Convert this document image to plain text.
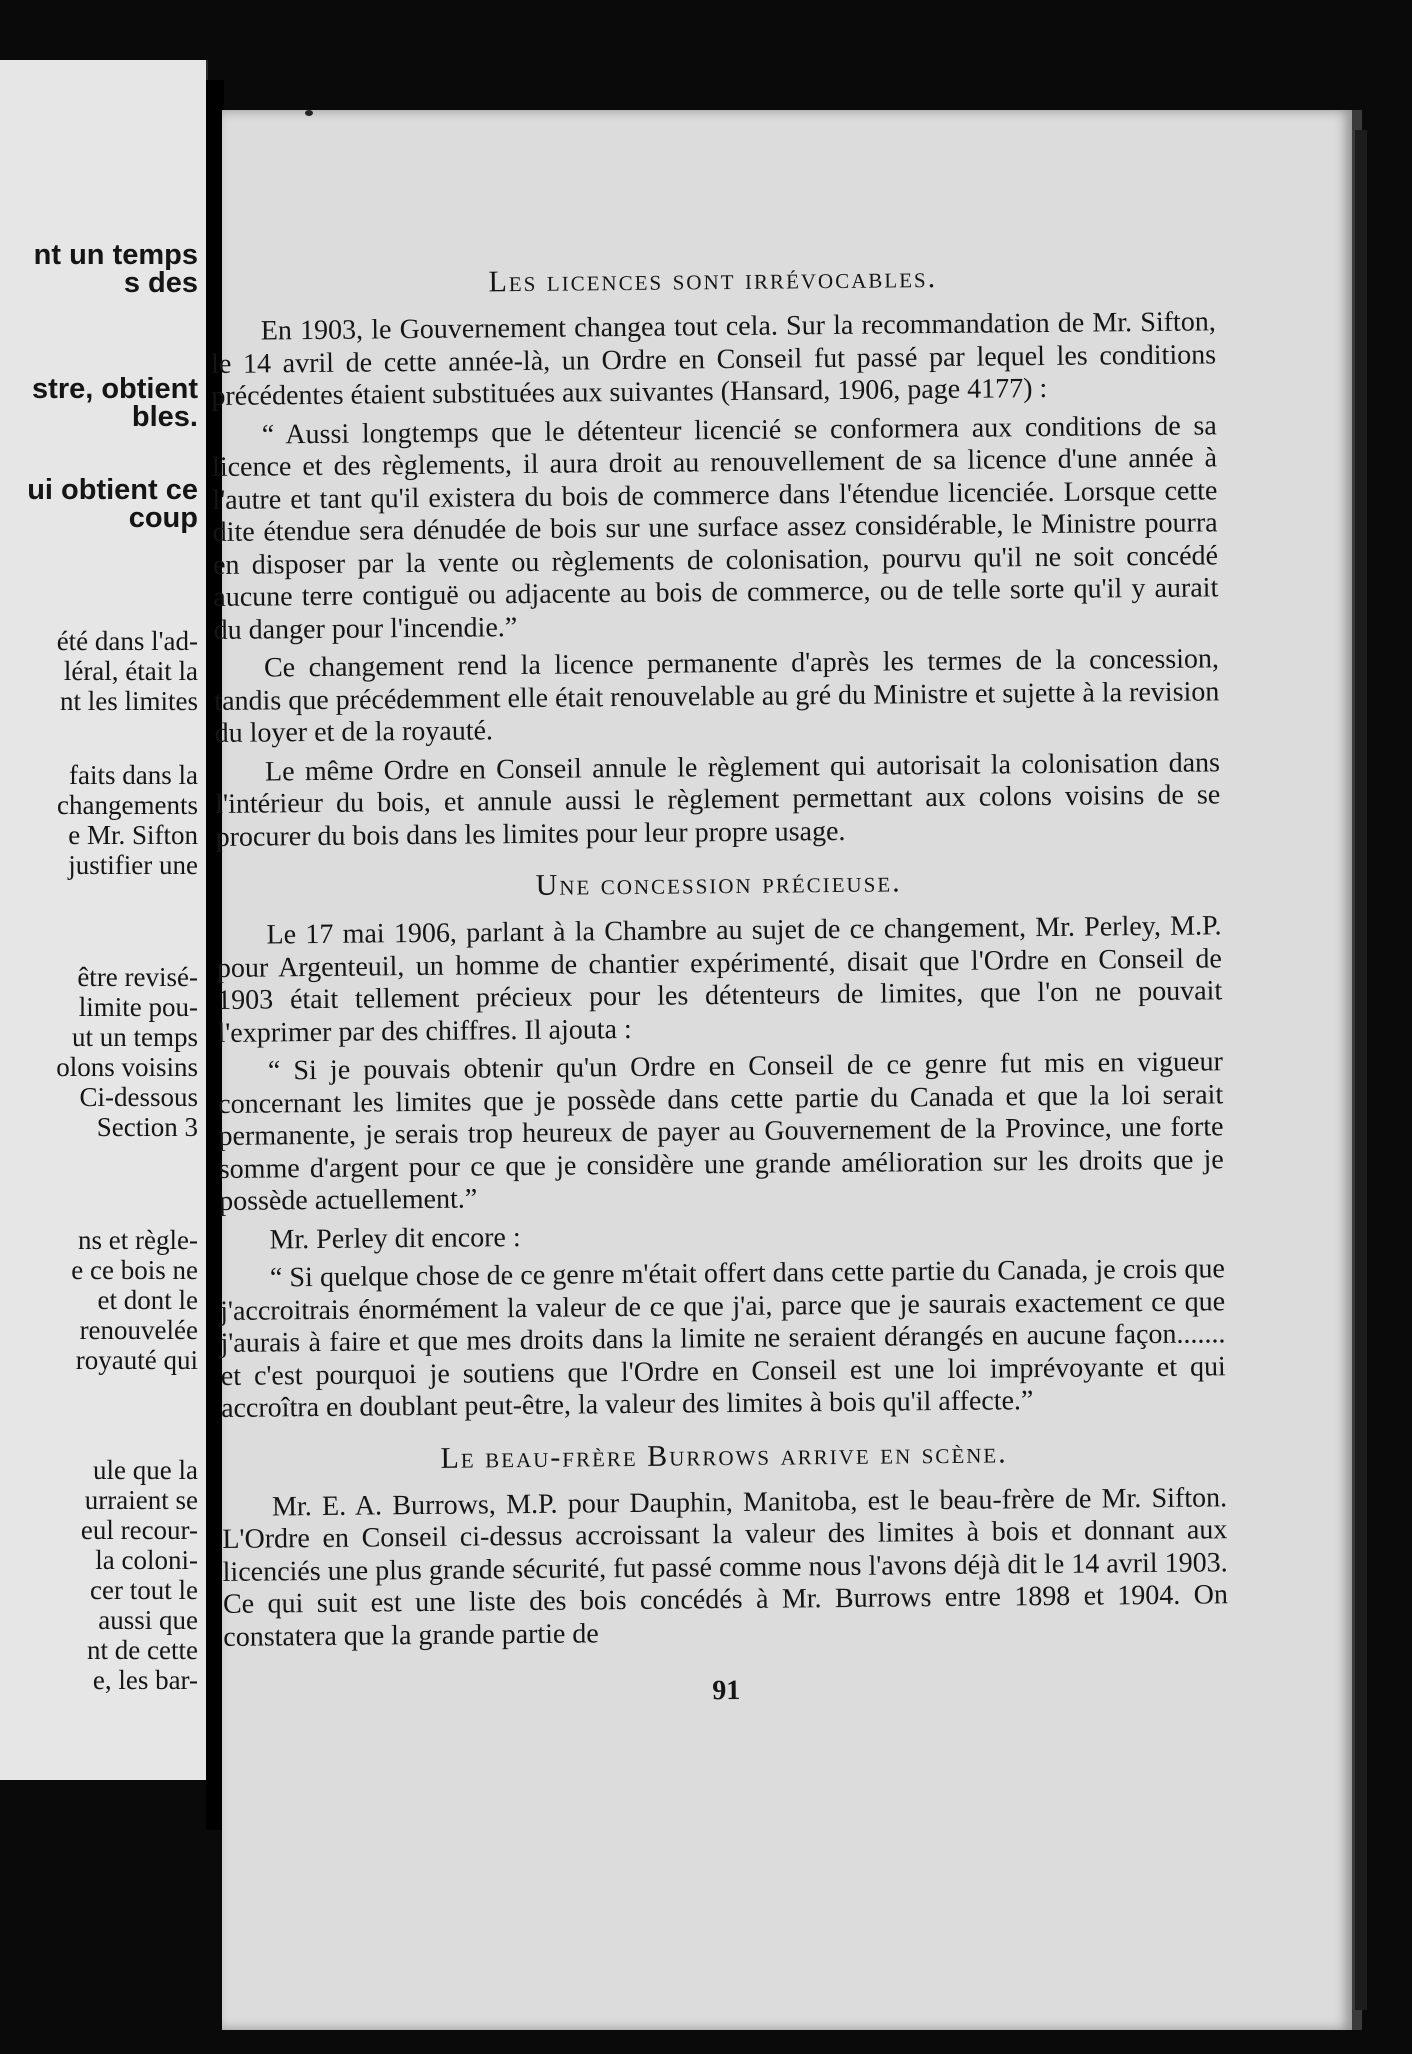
nt un temps
s des
stre, obtient
bles.
ui obtient ce
coup
été dans l'ad-
léral, était la
nt les limites
faits dans la
changements
e Mr. Sifton
justifier une
être revisé-
limite pou-
ut un temps
olons voisins
Ci-dessous
Section 3
ns et règle-
e ce bois ne
et dont le
renouvelée
royauté qui
ule que la
urraient se
eul recour-
la coloni-
cer tout le
aussi que
nt de cette
e, les bar-
Les licences sont irrévocables.

En 1903, le Gouvernement changea tout cela. Sur la recommandation de Mr. Sifton, le 14 avril de cette année-là, un Ordre en Conseil fut passé par lequel les conditions précédentes étaient substituées aux suivantes (Hansard, 1906, page 4177) :

“ Aussi longtemps que le détenteur licencié se conformera aux conditions de sa licence et des règlements, il aura droit au renouvellement de sa licence d'une année à l'autre et tant qu'il existera du bois de commerce dans l'étendue licenciée. Lorsque cette dite étendue sera dénudée de bois sur une surface assez considérable, le Ministre pourra en disposer par la vente ou règlements de colonisation, pourvu qu'il ne soit concédé aucune terre contiguë ou adjacente au bois de commerce, ou de telle sorte qu'il y aurait du danger pour l'incendie.”

Ce changement rend la licence permanente d'après les termes de la concession, tandis que précédemment elle était renouvelable au gré du Ministre et sujette à la revision du loyer et de la royauté.

Le même Ordre en Conseil annule le règlement qui autorisait la colonisation dans l'intérieur du bois, et annule aussi le règlement permettant aux colons voisins de se procurer du bois dans les limites pour leur propre usage.

Une concession précieuse.

Le 17 mai 1906, parlant à la Chambre au sujet de ce changement, Mr. Perley, M.P. pour Argenteuil, un homme de chantier expérimenté, disait que l'Ordre en Conseil de 1903 était tellement précieux pour les détenteurs de limites, que l'on ne pouvait l'exprimer par des chiffres. Il ajouta :

“ Si je pouvais obtenir qu'un Ordre en Conseil de ce genre fut mis en vigueur concernant les limites que je possède dans cette partie du Canada et que la loi serait permanente, je serais trop heureux de payer au Gouvernement de la Province, une forte somme d'argent pour ce que je considère une grande amélioration sur les droits que je possède actuellement.”

Mr. Perley dit encore :

“ Si quelque chose de ce genre m'était offert dans cette partie du Canada, je crois que j'accroitrais énormément la valeur de ce que j'ai, parce que je saurais exactement ce que j'aurais à faire et que mes droits dans la limite ne seraient dérangés en aucune façon....... et c'est pourquoi je soutiens que l'Ordre en Conseil est une loi imprévoyante et qui accroîtra en doublant peut-être, la valeur des limites à bois qu'il affecte.”

Le beau-frère Burrows arrive en scène.

Mr. E. A. Burrows, M.P. pour Dauphin, Manitoba, est le beau-frère de Mr. Sifton. L'Ordre en Conseil ci-dessus accroissant la valeur des limites à bois et donnant aux licenciés une plus grande sécurité, fut passé comme nous l'avons déjà dit le 14 avril 1903. Ce qui suit est une liste des bois concédés à Mr. Burrows entre 1898 et 1904. On constatera que la grande partie de

91
